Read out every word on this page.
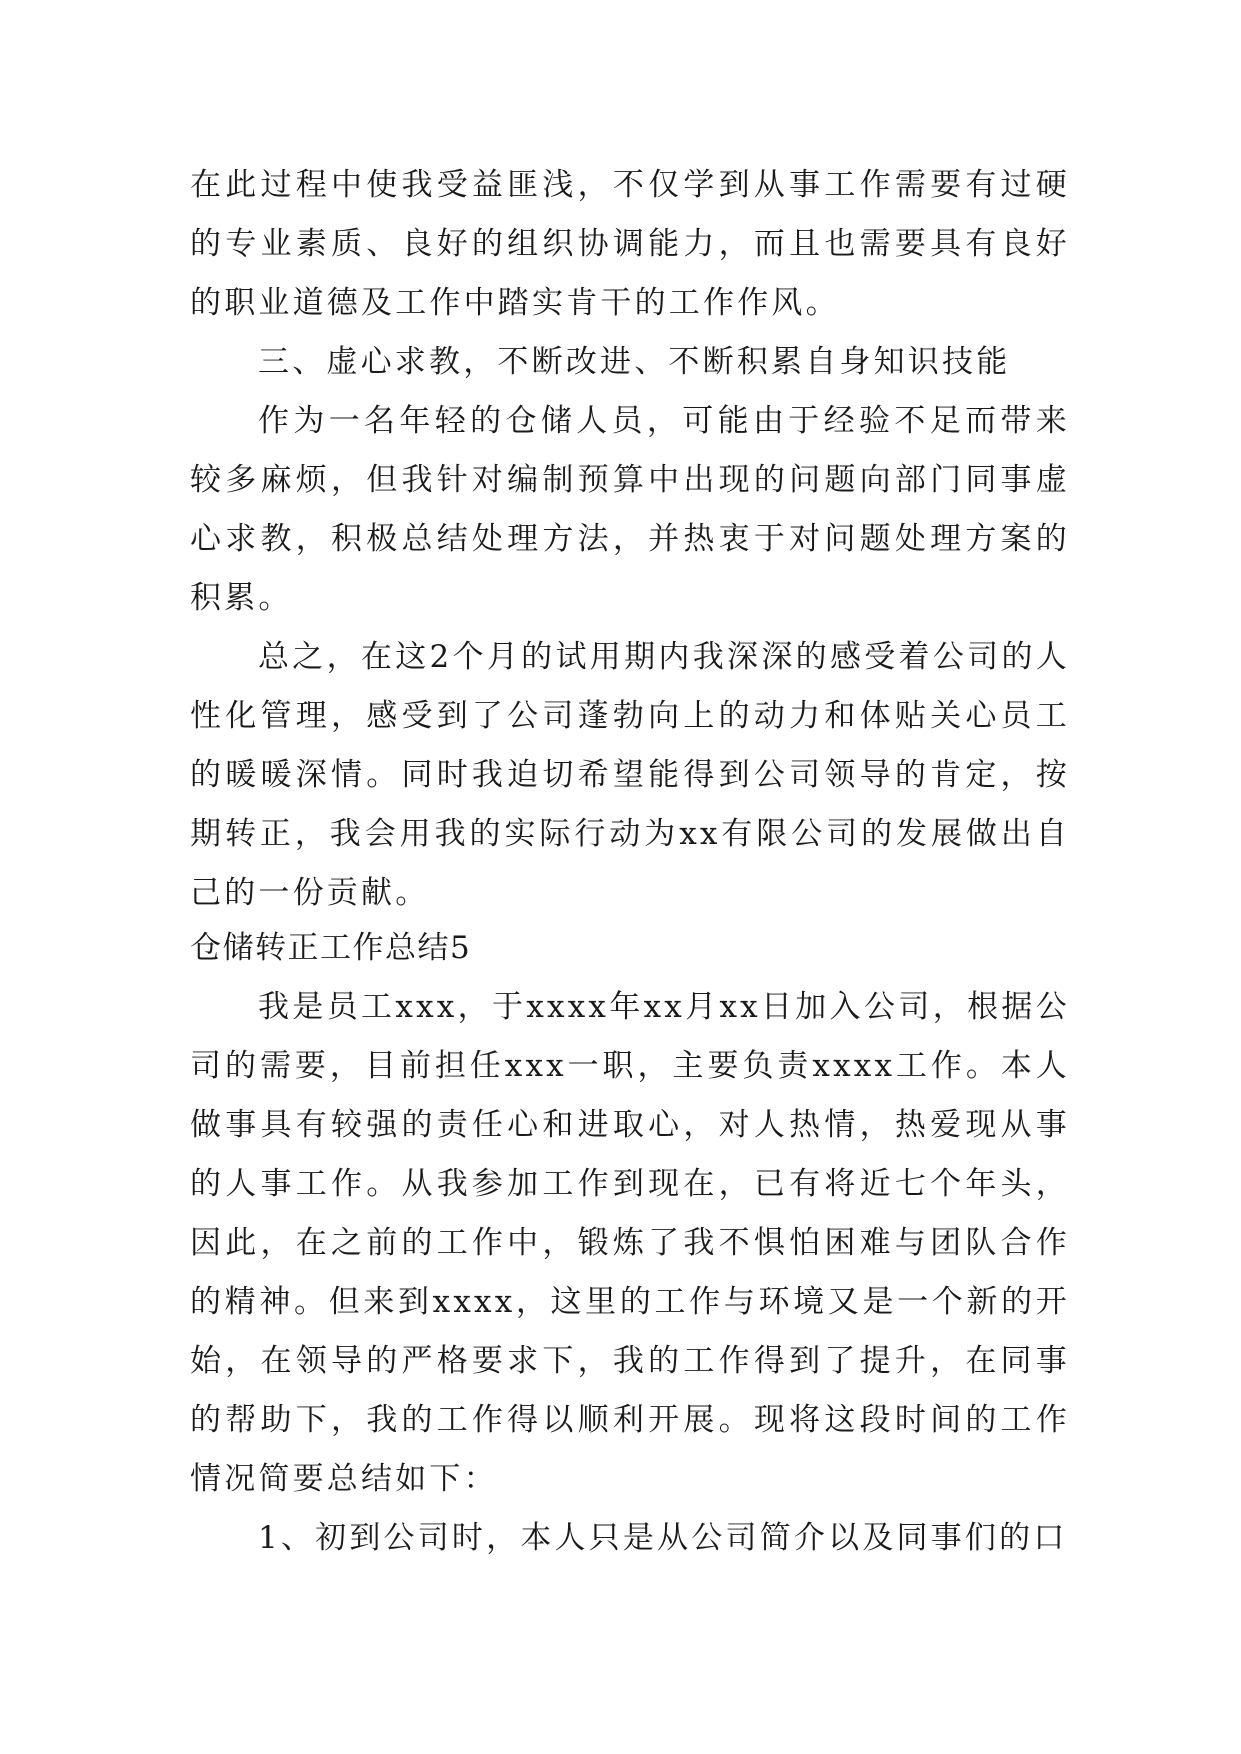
在此过程中使我受益匪浅，不仅学到从事工作需要有过硬的专业素质、良好的组织协调能力，而且也需要具有良好的职业道德及工作中踏实肯干的工作作风。

三、虚心求教，不断改进、不断积累自身知识技能

作为一名年轻的仓储人员，可能由于经验不足而带来较多麻烦，但我针对编制预算中出现的问题向部门同事虚心求教，积极总结处理方法，并热衷于对问题处理方案的积累。

总之，在这2个月的试用期内我深深的感受着公司的人性化管理，感受到了公司蓬勃向上的动力和体贴关心员工的暖暖深情。同时我迫切希望能得到公司领导的肯定，按期转正，我会用我的实际行动为xx有限公司的发展做出自己的一份贡献。

仓储转正工作总结5

我是员工xxx，于xxxx年xx月xx日加入公司，根据公司的需要，目前担任xxx一职，主要负责xxxx工作。本人做事具有较强的责任心和进取心，对人热情，热爱现从事的人事工作。从我参加工作到现在，已有将近七个年头，因此，在之前的工作中，锻炼了我不惧怕困难与团队合作的精神。但来到xxxx，这里的工作与环境又是一个新的开始，在领导的严格要求下，我的工作得到了提升，在同事的帮助下，我的工作得以顺利开展。现将这段时间的工作情况简要总结如下：

1、初到公司时，本人只是从公司简介以及同事们的口
